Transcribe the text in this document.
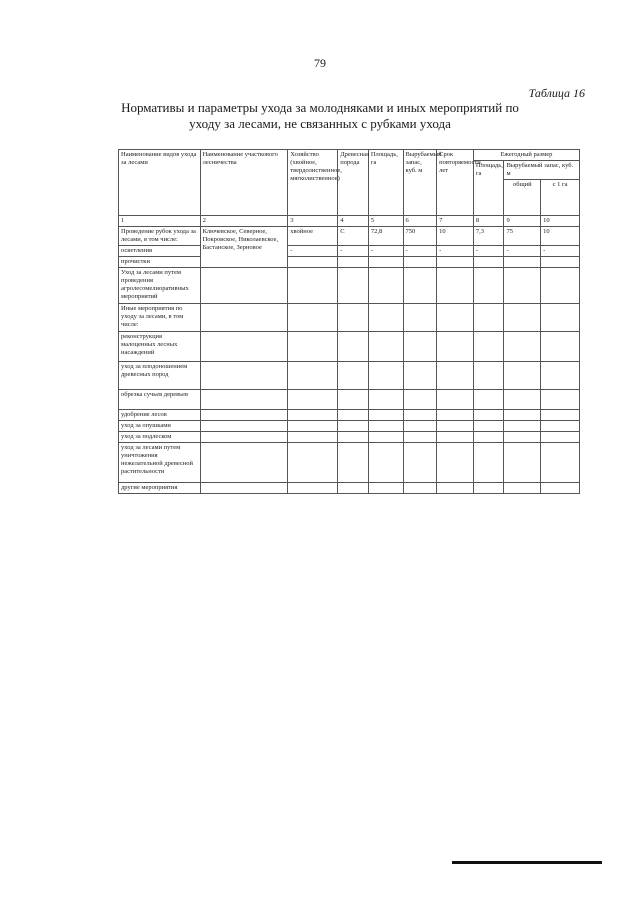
79
Таблица 16
Нормативы и параметры ухода за молодняками и иных мероприятий по
уходу за лесами, не связанных с рубками ухода
Наименование видов ухода за лесами	Наименование участкового лесничества	Хозяйство (хвойное, твердолиственное, мягколиственное)	Древесная порода	Площадь, га	Вырубаемый запас, куб. м	Срок повторяемости, лет	Ежегодный размер		
							Площадь, га	Вырубаемый запас, куб. м	
								общий	с 1 га
1	2	3	4	5	6	7	8	9	10
Проведение рубок ухода за лесами, в том числе:	Ключевское, Северное, Покровское, Николаевское, Бастанское, Зерновое	хвойное	С	72,8	750	10	7,3	75	10
осветления		-	-	-	-	-	-	-	-
прочистки									
Уход за лесами путем проведения агролесомелиоративных мероприятий									
Иные мероприятия по уходу за лесами, в том числе:									
реконструкция малоценных лесных насаждений									
уход за плодоношением древесных пород									
обрезка сучьев деревьев									
удобрение лесов									
уход за опушками									
уход за подлеском									
уход за лесами путем уничтожения нежелательной древесной растительности									
другие мероприятия									
